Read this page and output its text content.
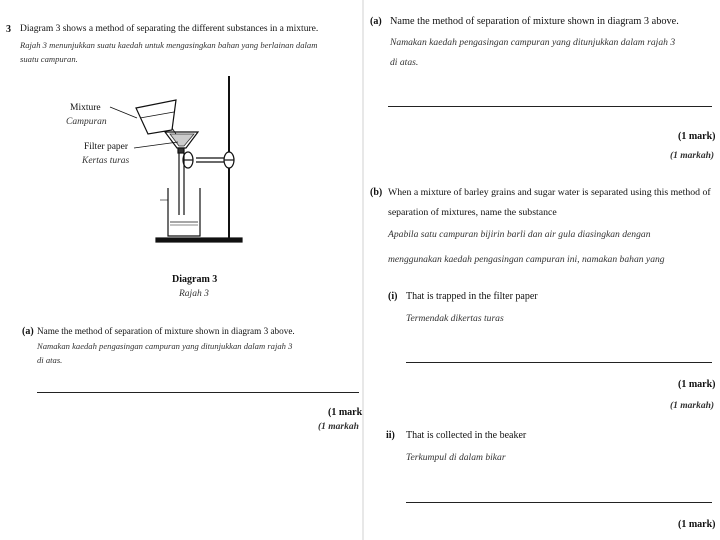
3 Diagram 3 shows a method of separating the different substances in a mixture.
Rajah 3 menunjukkan suatu kaedah untuk mengasingkan bahan yang berlainan dalam
suatu campuran.
Mixture
Campuran
Filter paper
Kertas turas
Diagram 3
Rajah 3
(a) Name the method of separation of mixture shown in diagram 3 above.
Namakan kaedah pengasingan campuran yang ditunjukkan dalam rajah 3
di atas.
(1 mark
(1 markah
(a) Name the method of separation of mixture shown in diagram 3 above.
Namakan kaedah pengasingan campuran yang ditunjukkan dalam rajah 3
di atas.
(1 mark)
(1 markah)
(b) When a mixture of barley grains and sugar water is separated using this method of
separation of mixtures, name the substance
Apabila satu campuran bijirin barli dan air gula diasingkan dengan
menggunakan kaedah pengasingan campuran ini, namakan bahan yang
(i) That is trapped in the filter paper
Termendak dikertas turas
(1 mark)
(1 markah)
ii) That is collected in the beaker
Terkumpul di dalam bikar
(1 mark)
